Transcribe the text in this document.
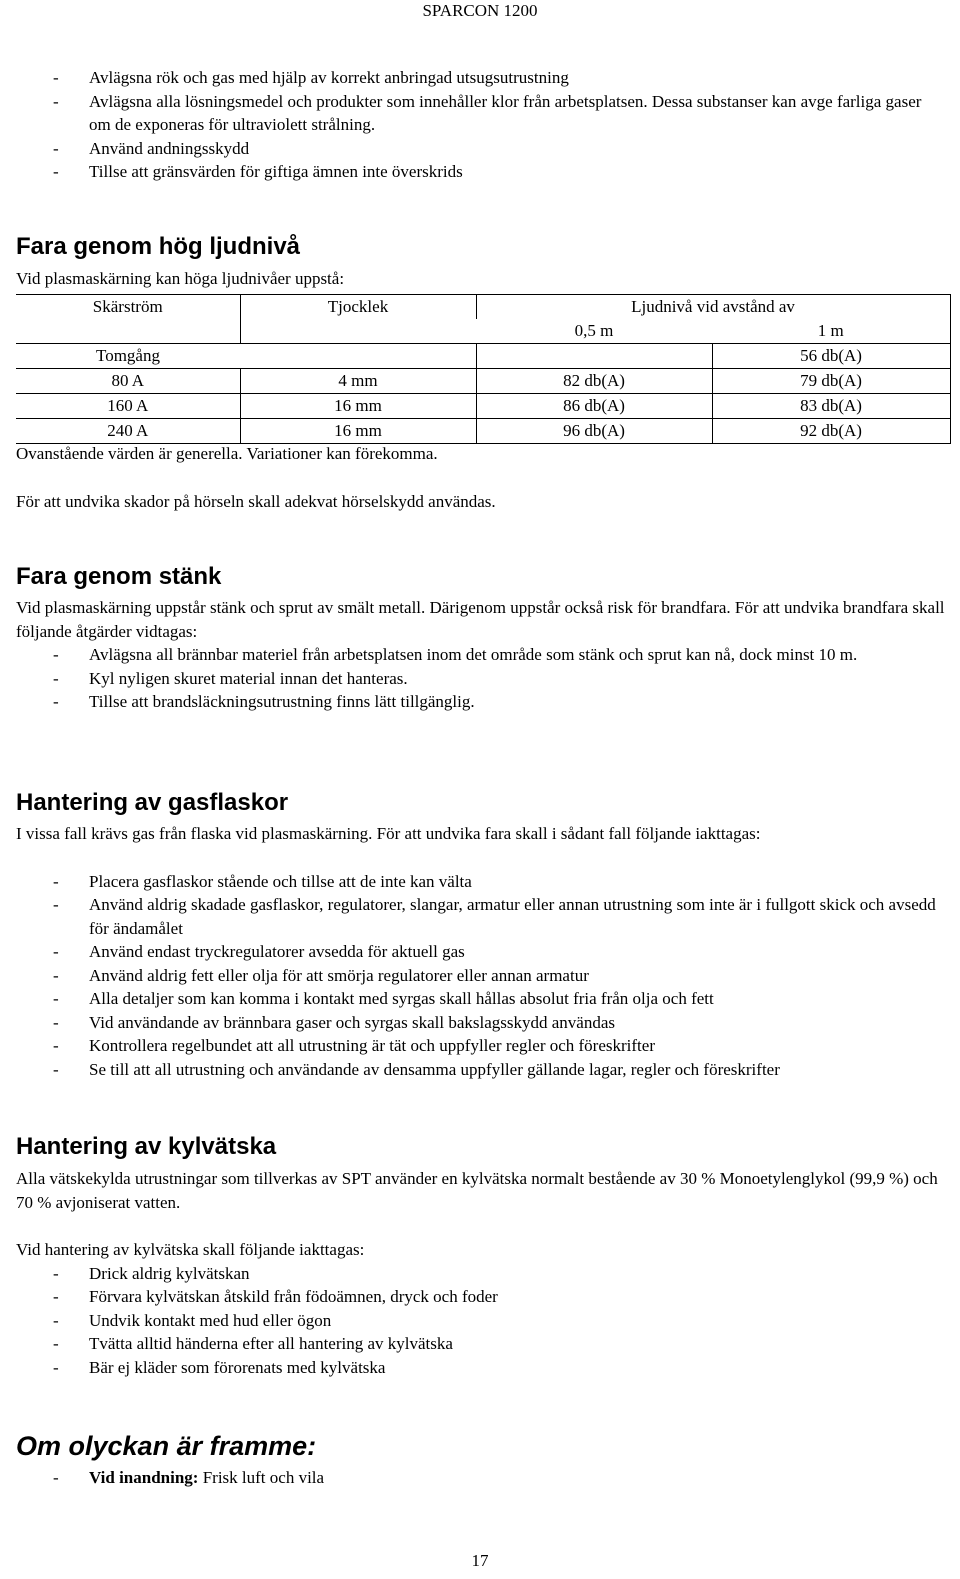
SPARCON 1200
- Avlägsna rök och gas med hjälp av korrekt anbringad utsugsutrustning
- Avlägsna alla lösningsmedel och produkter som innehåller klor från arbetsplatsen. Dessa substanser kan avge farliga gaser om de exponeras för ultraviolett strålning.
- Använd andningsskydd
- Tillse att gränsvärden för giftiga ämnen inte överskrids
Fara genom hög ljudnivå

Vid plasmaskärning kan höga ljudnivåer uppstå:

Skärström	Tjocklek	Ljudnivå vid avstånd av	
		0,5 m	1 m
Tomgång			56 db(A)
80 A	4 mm	82 db(A)	79 db(A)
160 A	16 mm	86 db(A)	83 db(A)
240 A	16 mm	96 db(A)	92 db(A)

Ovanstående värden är generella. Variationer kan förekomma.

För att undvika skador på hörseln skall adekvat hörselskydd användas.

Fara genom stänk

Vid plasmaskärning uppstår stänk och sprut av smält metall. Därigenom uppstår också risk för brandfara. För att undvika brandfara skall följande åtgärder vidtagas:

- Avlägsna all brännbar materiel från arbetsplatsen inom det område som stänk och sprut kan nå, dock minst 10 m.
- Kyl nyligen skuret material innan det hanteras.
- Tillse att brandsläckningsutrustning finns lätt tillgänglig.
Hantering av gasflaskor

I vissa fall krävs gas från flaska vid plasmaskärning. För att undvika fara skall i sådant fall följande iakttagas:

- Placera gasflaskor stående och tillse att de inte kan välta
- Använd aldrig skadade gasflaskor, regulatorer, slangar, armatur eller annan utrustning som inte är i fullgott skick och avsedd för ändamålet
- Använd endast tryckregulatorer avsedda för aktuell gas
- Använd aldrig fett eller olja för att smörja regulatorer eller annan armatur
- Alla detaljer som kan komma i kontakt med syrgas skall hållas absolut fria från olja och fett
- Vid användande av brännbara gaser och syrgas skall bakslagsskydd användas
- Kontrollera regelbundet att all utrustning är tät och uppfyller regler och föreskrifter
- Se till att all utrustning och användande av densamma uppfyller gällande lagar, regler och föreskrifter
Hantering av kylvätska

Alla vätskekylda utrustningar som tillverkas av SPT använder en kylvätska normalt bestående av 30 % Monoetylenglykol (99,9 %) och 70 % avjoniserat vatten.

Vid hantering av kylvätska skall följande iakttagas:

- Drick aldrig kylvätskan
- Förvara kylvätskan åtskild från födoämnen, dryck och foder
- Undvik kontakt med hud eller ögon
- Tvätta alltid händerna efter all hantering av kylvätska
- Bär ej kläder som förorenats med kylvätska
Om olyckan är framme:
- Vid inandning: Frisk luft och vila
17
